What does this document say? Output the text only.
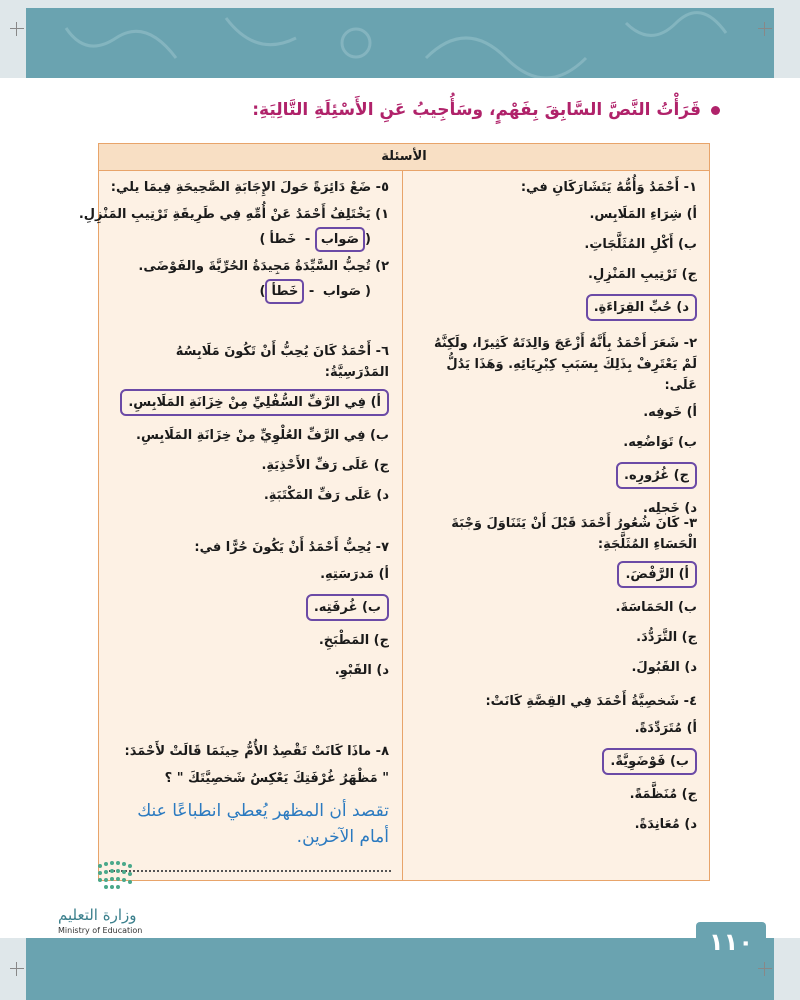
قَرَأْتُ النَّصَّ السَّابِقَ بِفَهْمٍ، وسَأُجِيبُ عَنِ الأَسْئِلَةِ التَّالِيَةِ:
الأسئلة
١- أَحْمَدُ وَأُمُّهُ يَتَشَارَكَانِ في:
أ) شِرَاءِ المَلَابِس.
ب) أَكْلِ المُثَلَّجَاتِ.
ج) تَرْتِيبِ المَنْزِلِ.
د) حُبِّ القِرَاءَةِ.
٢- شَعَرَ أَحْمَدُ بِأَنَّهُ أَزْعَجَ وَالِدَتَهُ كَثِيرًا، ولَكِنَّهُ لَمْ يَعْتَرِفْ بِذَلِكَ بِسَبَبِ كِبْرِيَائِهِ. وَهَذَا يَدُلُّ عَلَى:
أ) خَوفِه.
ب) تَوَاضُعِه.
ج) غُرُورِه.
د) خَجلِه.
٣- كَانَ شُعُورُ أَحْمَدَ قَبْلَ أَنْ يَتَنَاوَلَ وَجْبَةَ الْحَسَاءِ المُثَلَّجَةِ:
أ) الرَّفْضَ.
ب) الحَمَاسَةَ.
ج) التَّرَدُّدَ.
د) القَبُولَ.
٤- شَخصِيَّةُ أَحْمَدَ فِي القِصَّةِ كَانَتْ:
أ) مُتَرَدِّدَةً.
ب) فَوْضَوِيَّةً.
ج) مُنَظَّمَةً.
د) مُعَانِدَةً.
٥- ضَعْ دَائِرَةً حَولَ الإِجَابَةِ الصَّحِيحَةِ فِيمَا يلي:
١) يَخْتَلِفُ أَحْمَدُ عَنْ أُمِّهِ فِي طَرِيقَةِ تَرْتِيبِ المَنْزِلِ.
(صَواب - خَطأ)
٢) تُحِبُّ السَّيِّدَةُ مَجِيدَةُ الحُرِّيَّةَ والفَوْضَى.
(صَواب - خَطأ)
٦- أَحْمَدُ كَانَ يُحِبُّ أَنْ تَكُونَ مَلَابِسُهُ المَدْرَسِيَّةُ:
أ) فِي الرَّفِّ السُّفْلِيِّ مِنْ خِزَانَةِ المَلَابِسِ.
ب) فِي الرَّفِّ العُلْوِيِّ مِنْ خِزَانَةِ المَلَابِسِ.
ج) عَلَى رَفِّ الأَحْذِيَةِ.
د) عَلَى رَفِّ المَكْتَبَةِ.
٧- يُحِبُّ أَحْمَدُ أَنْ يَكُونَ حُرًّا في:
أ) مَدرَسَتِهِ.
ب) غُرفَتِه.
ج) المَطْبَخِ.
د) القَبْوِ.
٨- ماذَا كَانَتْ تَقْصِدُ الأُمُّ حِينَمَا قَالَتْ لأَحْمَدَ:
" مَظْهَرُ غُرْفَتِكَ يَعْكِسُ شَخصِيَّتَكَ " ؟
تقصد أن المظهر يُعطي انطباعًا عنك أمام الآخرين.
وزارة التعليم
Ministry of Education	١١٠
